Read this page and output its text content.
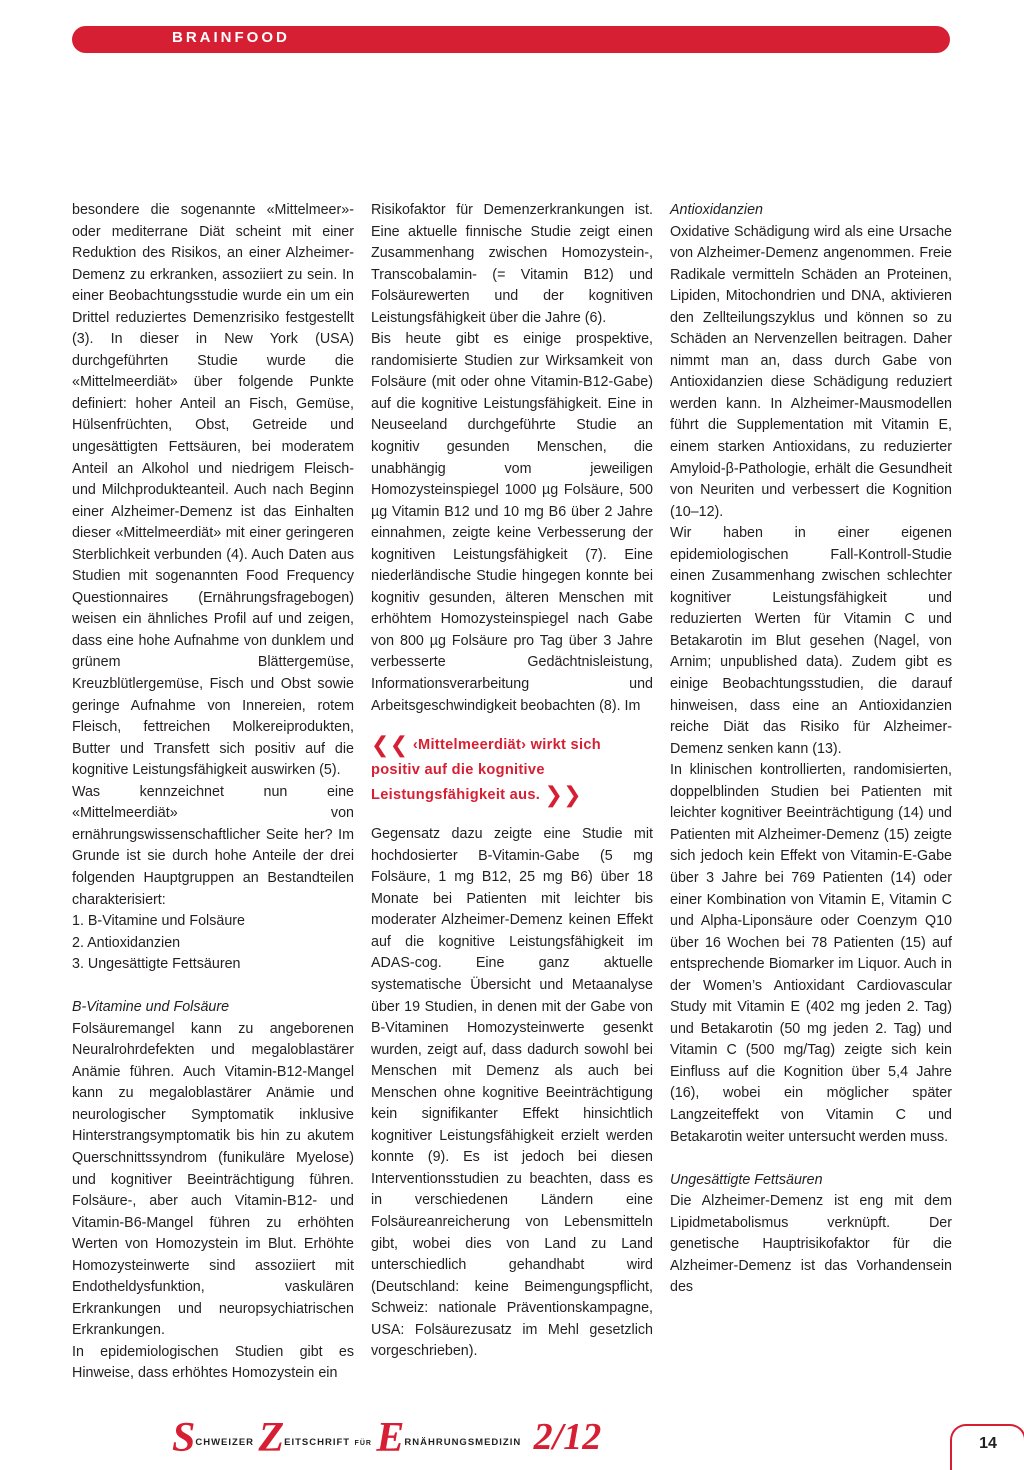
BRAINFOOD

besondere die sogenannte «Mittelmeer»-oder mediterrane Diät scheint mit einer Reduktion des Risikos, an einer Alzheimer-Demenz zu erkranken, assoziiert zu sein. In einer Beobachtungsstudie wurde ein um ein Drittel reduziertes Demenzrisiko festgestellt (3). In dieser in New York (USA) durchgeführten Studie wurde die «Mittelmeerdiät» über folgende Punkte definiert: hoher Anteil an Fisch, Gemüse, Hülsenfrüchten, Obst, Getreide und ungesättigten Fettsäuren, bei moderatem Anteil an Alkohol und niedrigem Fleisch- und Milchprodukteanteil. Auch nach Beginn einer Alzheimer-Demenz ist das Einhalten dieser «Mittelmeerdiät» mit einer geringeren Sterblichkeit verbunden (4). Auch Daten aus Studien mit sogenannten Food Frequency Questionnaires (Ernährungsfragebogen) weisen ein ähnliches Profil auf und zeigen, dass eine hohe Aufnahme von dunklem und grünem Blättergemüse, Kreuzblütlergemüse, Fisch und Obst sowie geringe Aufnahme von Innereien, rotem Fleisch, fettreichen Molkereiprodukten, Butter und Transfett sich positiv auf die kognitive Leistungsfähigkeit auswirken (5).

Was kennzeichnet nun eine «Mittelmeerdiät» von ernährungswissenschaftlicher Seite her? Im Grunde ist sie durch hohe Anteile der drei folgenden Hauptgruppen an Bestandteilen charakterisiert:

1. B-Vitamine und Folsäure

2. Antioxidanzien

3. Ungesättigte Fettsäuren

B-Vitamine und Folsäure

Folsäuremangel kann zu angeborenen Neuralrohrdefekten und megaloblastärer Anämie führen. Auch Vitamin-B12-Mangel kann zu megaloblastärer Anämie und neurologischer Symptomatik inklusive Hinterstrangsymptomatik bis hin zu akutem Querschnittssyndrom (funikuläre Myelose) und kognitiver Beeinträchtigung führen. Folsäure-, aber auch Vitamin-B12- und Vitamin-B6-Mangel führen zu erhöhten Werten von Homozystein im Blut. Erhöhte Homozysteinwerte sind assoziiert mit Endotheldysfunktion, vaskulären Erkrankungen und neuropsychiatrischen Erkrankungen.

In epidemiologischen Studien gibt es Hinweise, dass erhöhtes Homozystein ein

Risikofaktor für Demenzerkrankungen ist. Eine aktuelle finnische Studie zeigt einen Zusammenhang zwischen Homozystein-, Transcobalamin- (= Vitamin B12) und Folsäurewerten und der kognitiven Leistungsfähigkeit über die Jahre (6).

Bis heute gibt es einige prospektive, randomisierte Studien zur Wirksamkeit von Folsäure (mit oder ohne Vitamin-B12-Gabe) auf die kognitive Leistungsfähigkeit. Eine in Neuseeland durchgeführte Studie an kognitiv gesunden Menschen, die unabhängig vom jeweiligen Homozysteinspiegel 1000 µg Folsäure, 500 µg Vitamin B12 und 10 mg B6 über 2 Jahre einnahmen, zeigte keine Verbesserung der kognitiven Leistungsfähigkeit (7). Eine niederländische Studie hingegen konnte bei kognitiv gesunden, älteren Menschen mit erhöhtem Homozysteinspiegel nach Gabe von 800 µg Folsäure pro Tag über 3 Jahre verbesserte Gedächtnisleistung, Informationsverarbeitung und Arbeitsgeschwindigkeit beobachten (8). Im

❮❮ ‹Mittelmeerdiät› wirkt sich positiv auf die kognitive Leistungsfähigkeit aus. ❯❯

Gegensatz dazu zeigte eine Studie mit hochdosierter B-Vitamin-Gabe (5 mg Folsäure, 1 mg B12, 25 mg B6) über 18 Monate bei Patienten mit leichter bis moderater Alzheimer-Demenz keinen Effekt auf die kognitive Leistungsfähigkeit im ADAS-cog. Eine ganz aktuelle systematische Übersicht und Metaanalyse über 19 Studien, in denen mit der Gabe von B-Vitaminen Homozysteinwerte gesenkt wurden, zeigt auf, dass dadurch sowohl bei Menschen mit Demenz als auch bei Menschen ohne kognitive Beeinträchtigung kein signifikanter Effekt hinsichtlich kognitiver Leistungsfähigkeit erzielt werden konnte (9). Es ist jedoch bei diesen Interventionsstudien zu beachten, dass es in verschiedenen Ländern eine Folsäureanreicherung von Lebensmitteln gibt, wobei dies von Land zu Land unterschiedlich gehandhabt wird (Deutschland: keine Beimengungspflicht, Schweiz: nationale Präventionskampagne, USA: Folsäurezusatz im Mehl gesetzlich vorgeschrieben).

Antioxidanzien

Oxidative Schädigung wird als eine Ursache von Alzheimer-Demenz angenommen. Freie Radikale vermitteln Schäden an Proteinen, Lipiden, Mitochondrien und DNA, aktivieren den Zellteilungszyklus und können so zu Schäden an Nervenzellen beitragen. Daher nimmt man an, dass durch Gabe von Antioxidanzien diese Schädigung reduziert werden kann. In Alzheimer-Mausmodellen führt die Supplementation mit Vitamin E, einem starken Antioxidans, zu reduzierter Amyloid-β-Pathologie, erhält die Gesundheit von Neuriten und verbessert die Kognition (10–12).

Wir haben in einer eigenen epidemiologischen Fall-Kontroll-Studie einen Zusammenhang zwischen schlechter kognitiver Leistungsfähigkeit und reduzierten Werten für Vitamin C und Betakarotin im Blut gesehen (Nagel, von Arnim; unpublished data). Zudem gibt es einige Beobachtungsstudien, die darauf hinweisen, dass eine an Antioxidanzien reiche Diät das Risiko für Alzheimer-Demenz senken kann (13).

In klinischen kontrollierten, randomisierten, doppelblinden Studien bei Patienten mit leichter kognitiver Beeinträchtigung (14) und Patienten mit Alzheimer-Demenz (15) zeigte sich jedoch kein Effekt von Vitamin-E-Gabe über 3 Jahre bei 769 Patienten (14) oder einer Kombination von Vitamin E, Vitamin C und Alpha-Liponsäure oder Coenzym Q10 über 16 Wochen bei 78 Patienten (15) auf entsprechende Biomarker im Liquor. Auch in der Women’s Antioxidant Cardiovascular Study mit Vitamin E (402 mg jeden 2. Tag) und Betakarotin (50 mg jeden 2. Tag) und Vitamin C (500 mg/Tag) zeigte sich kein Einfluss auf die Kognition über 5,4 Jahre (16), wobei ein möglicher später Langzeiteffekt von Vitamin C und Betakarotin weiter untersucht werden muss.

Ungesättigte Fettsäuren

Die Alzheimer-Demenz ist eng mit dem Lipidmetabolismus verknüpft. Der genetische Hauptrisikofaktor für die Alzheimer-Demenz ist das Vorhandensein des

SCHWEIZER ZEITSCHRIFT FÜR ERNÄHRUNGSMEDIZIN 2/12	14
